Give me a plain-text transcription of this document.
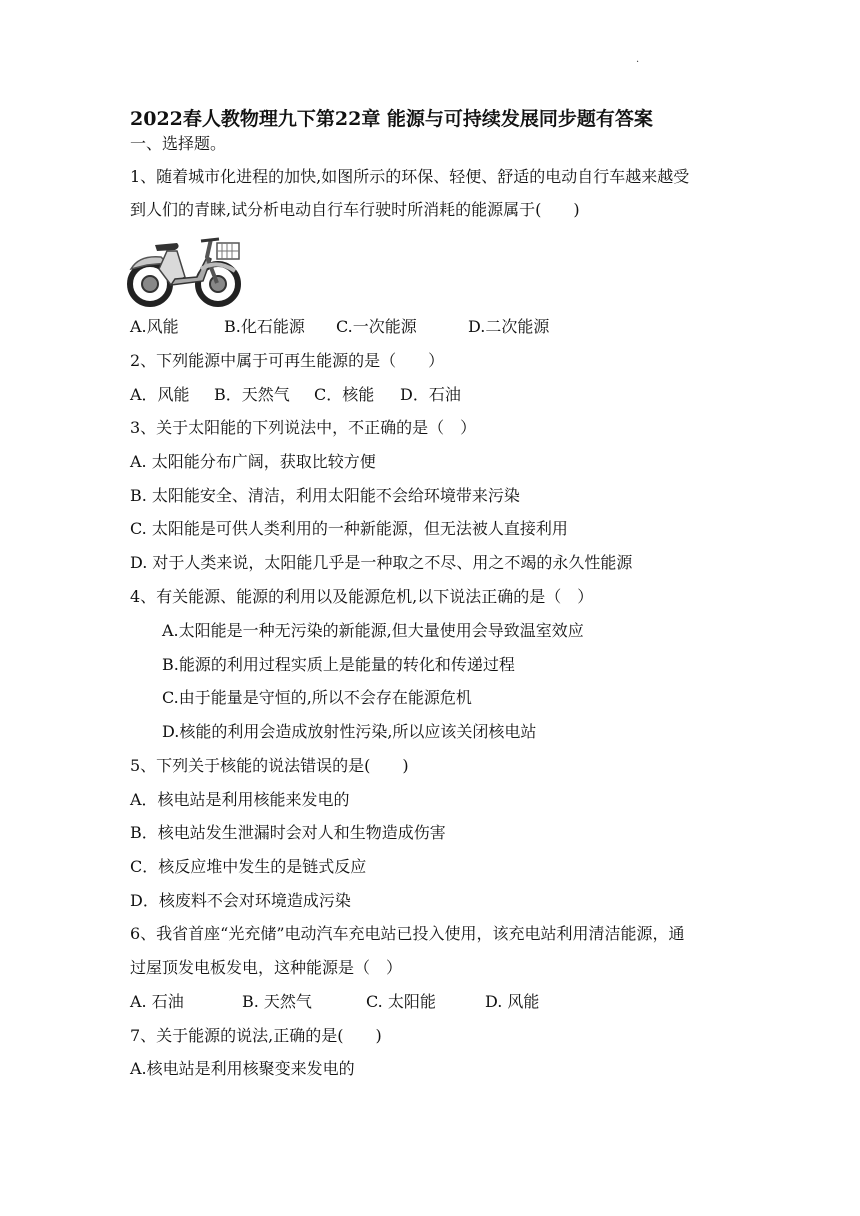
·
2022春人教物理九下第22章 能源与可持续发展同步题有答案
一、选择题。
1、随着城市化进程的加快,如图所示的环保、轻便、舒适的电动自行车越来越受
到人们的青睐,试分析电动自行车行驶时所消耗的能源属于(　　)
A.风能	B.化石能源 C.一次能源	D.二次能源
2、下列能源中属于可再生能源的是（　　）
A．风能 B．天然气 C．核能 D．石油
3、关于太阳能的下列说法中，不正确的是（　）
A. 太阳能分布广阔，获取比较方便
B. 太阳能安全、清洁，利用太阳能不会给环境带来污染
C. 太阳能是可供人类利用的一种新能源，但无法被人直接利用
D. 对于人类来说，太阳能几乎是一种取之不尽、用之不竭的永久性能源
4、有关能源、能源的利用以及能源危机,以下说法正确的是（　）
A.太阳能是一种无污染的新能源,但大量使用会导致温室效应
B.能源的利用过程实质上是能量的转化和传递过程
C.由于能量是守恒的,所以不会存在能源危机
D.核能的利用会造成放射性污染,所以应该关闭核电站
5、下列关于核能的说法错误的是(　　)
A．核电站是利用核能来发电的
B．核电站发生泄漏时会对人和生物造成伤害
C．核反应堆中发生的是链式反应
D．核废料不会对环境造成污染
6、我省首座“光充储”电动汽车充电站已投入使用，该充电站利用清洁能源，通
过屋顶发电板发电，这种能源是（　）
A. 石油	B. 天然气	C. 太阳能	D. 风能
7、关于能源的说法,正确的是(　　)
A.核电站是利用核聚变来发电的
